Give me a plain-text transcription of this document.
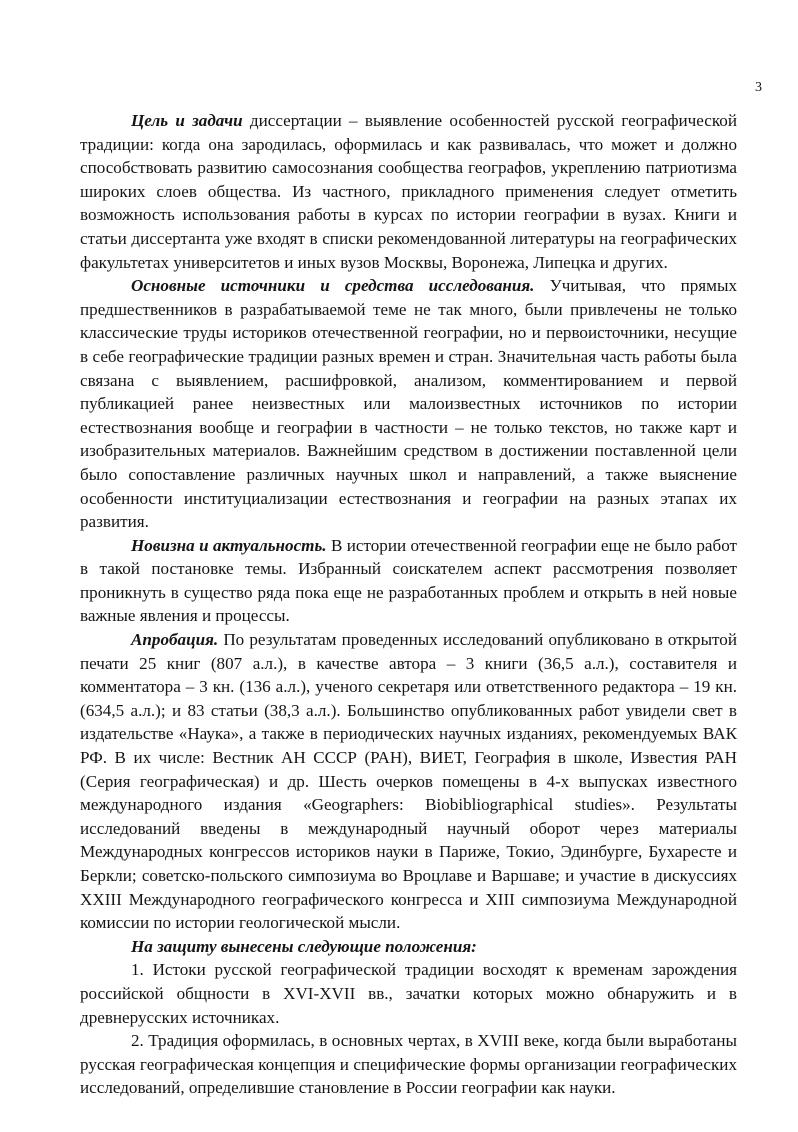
3

Цель и задачи диссертации – выявление особенностей русской географической традиции: когда она зародилась, оформилась и как развивалась, что может и должно способствовать развитию самосознания сообщества географов, укреплению патриотизма широких слоев общества. Из частного, прикладного применения следует отметить возможность использования работы в курсах по истории географии в вузах. Книги и статьи диссертанта уже входят в списки рекомендованной литературы на географических факультетах университетов и иных вузов Москвы, Воронежа, Липецка и других.

Основные источники и средства исследования. Учитывая, что прямых предшественников в разрабатываемой теме не так много, были привлечены не только классические труды историков отечественной географии, но и первоисточники, несущие в себе географические традиции разных времен и стран. Значительная часть работы была связана с выявлением, расшифровкой, анализом, комментированием и первой публикацией ранее неизвестных или малоизвестных источников по истории естествознания вообще и географии в частности – не только текстов, но также карт и изобразительных материалов. Важнейшим средством в достижении поставленной цели было сопоставление различных научных школ и направлений, а также выяснение особенности институциализации естествознания и географии на разных этапах их развития.

Новизна и актуальность. В истории отечественной географии еще не было работ в такой постановке темы. Избранный соискателем аспект рассмотрения позволяет проникнуть в существо ряда пока еще не разработанных проблем и открыть в ней новые важные явления и процессы.

Апробация. По результатам проведенных исследований опубликовано в открытой печати 25 книг (807 а.л.), в качестве автора – 3 книги (36,5 а.л.), составителя и комментатора – 3 кн. (136 а.л.), ученого секретаря или ответственного редактора – 19 кн. (634,5 а.л.); и 83 статьи (38,3 а.л.). Большинство опубликованных работ увидели свет в издательстве «Наука», а также в периодических научных изданиях, рекомендуемых ВАК РФ. В их числе: Вестник АН СССР (РАН), ВИЕТ, География в школе, Известия РАН (Серия географическая) и др. Шесть очерков помещены в 4-х выпусках известного международного издания «Geographers: Biobibliographical studies». Результаты исследований введены в международный научный оборот через материалы Международных конгрессов историков науки в Париже, Токио, Эдинбурге, Бухаресте и Беркли; советско-польского симпозиума во Вроцлаве и Варшаве; и участие в дискуссиях XXIII Международного географического конгресса и XIII симпозиума Международной комиссии по истории геологической мысли.

На защиту вынесены следующие положения:

1. Истоки русской географической традиции восходят к временам зарождения российской общности в XVI-XVII вв., зачатки которых можно обнаружить и в древнерусских источниках.

2. Традиция оформилась, в основных чертах, в XVIII веке, когда были выработаны русская географическая концепция и специфические формы организации географических исследований, определившие становление в России географии как науки.
